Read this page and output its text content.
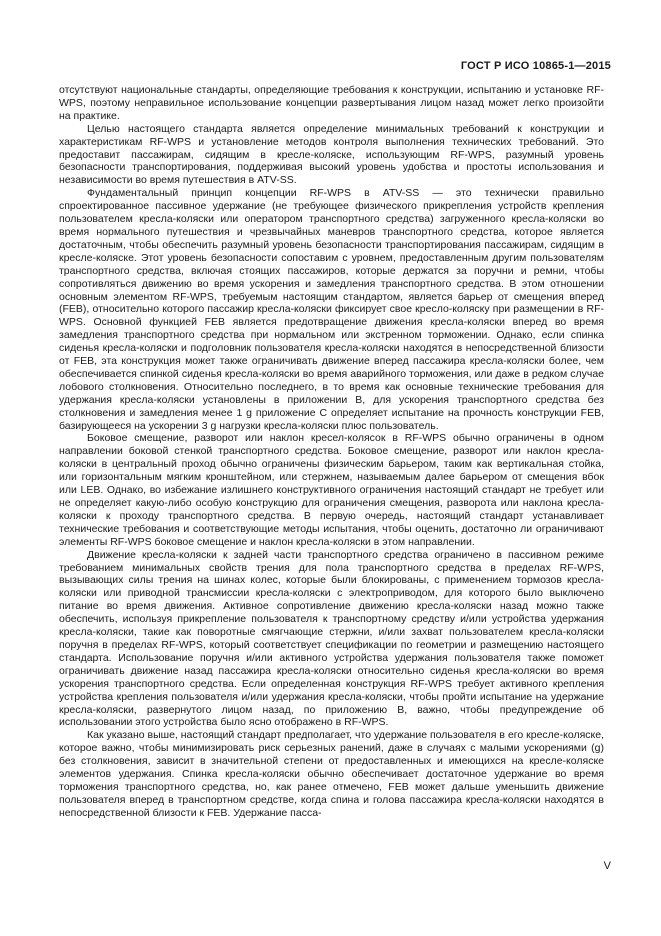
ГОСТ Р ИСО 10865-1—2015

отсутствуют национальные стандарты, определяющие требования к конструкции, испытанию и установке RF-WPS, поэтому неправильное использование концепции развертывания лицом назад может легко произойти на практике.

Целью настоящего стандарта является определение минимальных требований к конструкции и характеристикам RF-WPS и установление методов контроля выполнения технических требований. Это предоставит пассажирам, сидящим в кресле-коляске, использующим RF-WPS, разумный уровень безопасности транспортирования, поддерживая высокий уровень удобства и простоты использования и независимости во время путешествия в ATV-SS.

Фундаментальный принцип концепции RF-WPS в ATV-SS — это технически правильно спроектированное пассивное удержание (не требующее физического прикрепления устройств крепления пользователем кресла-коляски или оператором транспортного средства) загруженного кресла-коляски во время нормального путешествия и чрезвычайных маневров транспортного средства, которое является достаточным, чтобы обеспечить разумный уровень безопасности транспортирования пассажирам, сидящим в кресле-коляске. Этот уровень безопасности сопоставим с уровнем, предоставленным другим пользователям транспортного средства, включая стоящих пассажиров, которые держатся за поручни и ремни, чтобы сопротивляться движению во время ускорения и замедления транспортного средства. В этом отношении основным элементом RF-WPS, требуемым настоящим стандартом, является барьер от смещения вперед (FEB), относительно которого пассажир кресла-коляски фиксирует свое кресло-коляску при размещении в RF-WPS. Основной функцией FEB является предотвращение движения кресла-коляски вперед во время замедления транспортного средства при нормальном или экстренном торможении. Однако, если спинка сиденья кресла-коляски и подголовник пользователя кресла-коляски находятся в непосредственной близости от FEB, эта конструкция может также ограничивать движение вперед пассажира кресла-коляски более, чем обеспечивается спинкой сиденья кресла-коляски во время аварийного торможения, или даже в редком случае лобового столкновения. Относительно последнего, в то время как основные технические требования для удержания кресла-коляски установлены в приложении В, для ускорения транспортного средства без столкновения и замедления менее 1 g приложение С определяет испытание на прочность конструкции FEB, базирующееся на ускорении 3 g нагрузки кресла-коляски плюс пользователь.

Боковое смещение, разворот или наклон кресел-колясок в RF-WPS обычно ограничены в одном направлении боковой стенкой транспортного средства. Боковое смещение, разворот или наклон кресла-коляски в центральный проход обычно ограничены физическим барьером, таким как вертикальная стойка, или горизонтальным мягким кронштейном, или стержнем, называемым далее барьером от смещения вбок или LEB. Однако, во избежание излишнего конструктивного ограничения настоящий стандарт не требует или не определяет какую-либо особую конструкцию для ограничения смещения, разворота или наклона кресла-коляски к проходу транспортного средства. В первую очередь, настоящий стандарт устанавливает технические требования и соответствующие методы испытания, чтобы оценить, достаточно ли ограничивают элементы RF-WPS боковое смещение и наклон кресла-коляски в этом направлении.

Движение кресла-коляски к задней части транспортного средства ограничено в пассивном режиме требованием минимальных свойств трения для пола транспортного средства в пределах RF-WPS, вызывающих силы трения на шинах колес, которые были блокированы, с применением тормозов кресла-коляски или приводной трансмиссии кресла-коляски с электроприводом, для которого было выключено питание во время движения. Активное сопротивление движению кресла-коляски назад можно также обеспечить, используя прикрепление пользователя к транспортному средству и/или устройства удержания кресла-коляски, такие как поворотные смягчающие стержни, и/или захват пользователем кресла-коляски поручня в пределах RF-WPS, который соответствует спецификации по геометрии и размещению настоящего стандарта. Использование поручня и/или активного устройства удержания пользователя также поможет ограничивать движение назад пассажира кресла-коляски относительно сиденья кресла-коляски во время ускорения транспортного средства. Если определенная конструкция RF-WPS требует активного крепления устройства крепления пользователя и/или удержания кресла-коляски, чтобы пройти испытание на удержание кресла-коляски, развернутого лицом назад, по приложению В, важно, чтобы предупреждение об использовании этого устройства было ясно отображено в RF-WPS.

Как указано выше, настоящий стандарт предполагает, что удержание пользователя в его кресле-коляске, которое важно, чтобы минимизировать риск серьезных ранений, даже в случаях с малыми ускорениями (g) без столкновения, зависит в значительной степени от предоставленных и имеющихся на кресле-коляске элементов удержания. Спинка кресла-коляски обычно обеспечивает достаточное удержание во время торможения транспортного средства, но, как ранее отмечено, FEB может дальше уменьшить движение пользователя вперед в транспортном средстве, когда спина и голова пассажира кресла-коляски находятся в непосредственной близости к FEB. Удержание пасса-

V
